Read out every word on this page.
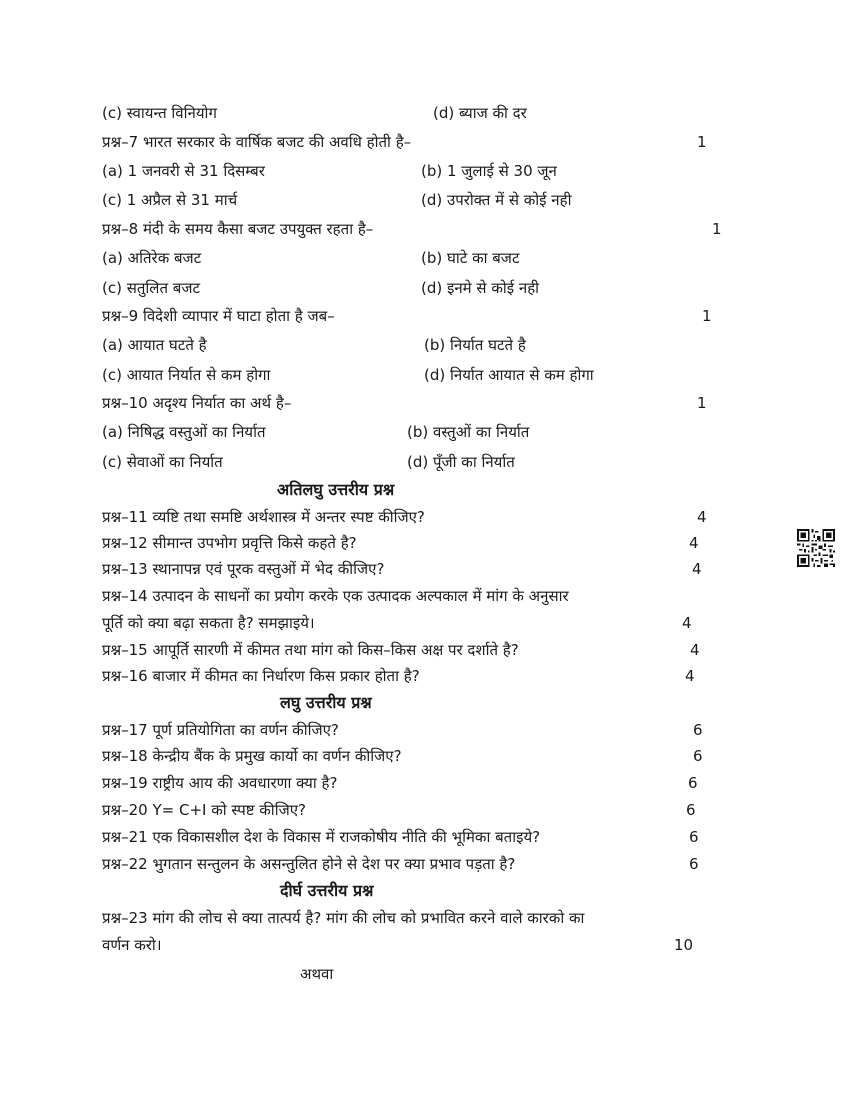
(c) स्वायन्त विनियोग	(d) ब्याज की दर
प्रश्न–7 भारत सरकार के वार्षिक बजट की अवधि होती है–	1
(a) 1 जनवरी से 31 दिसम्बर	(b) 1 जुलाई से 30 जून
(c) 1 अप्रैल से 31 मार्च	(d) उपरोक्त में से कोई नही
प्रश्न–8 मंदी के समय कैसा बजट उपयुक्त रहता है–	1
(a) अतिरेक बजट	(b) घाटे का बजट
(c) सतुलित बजट	(d) इनमे से कोई नही
प्रश्न–9 विदेशी व्यापार में घाटा होता है जब–	1
(a) आयात घटते है	(b) निर्यात घटते है
(c) आयात निर्यात से कम होगा	(d) निर्यात आयात से कम होगा
प्रश्न–10 अदृश्य निर्यात का अर्थ है–	1
(a) निषिद्ध वस्तुओं का निर्यात	(b) वस्तुओं का निर्यात
(c) सेवाओं का निर्यात	(d) पूँजी का निर्यात
अतिलघु उत्तरीय प्रश्न
प्रश्न–11 व्यष्टि तथा समष्टि अर्थशास्त्र में अन्तर स्पष्ट कीजिए?	4
प्रश्न–12 सीमान्त उपभोग प्रवृत्ति किसे कहते है?	4
प्रश्न–13 स्थानापन्न एवं पूरक वस्तुओं में भेद कीजिए?	4
प्रश्न–14 उत्पादन के साधनों का प्रयोग करके एक उत्पादक अल्पकाल में मांग के अनुसार
पूर्ति को क्या बढ़ा सकता है? समझाइये।	4
प्रश्न–15 आपूर्ति सारणी में कीमत तथा मांग को किस–किस अक्ष पर दर्शाते है?	4
प्रश्न–16 बाजार में कीमत का निर्धारण किस प्रकार होता है?	4
लघु उत्तरीय प्रश्न
प्रश्न–17 पूर्ण प्रतियोगिता का वर्णन कीजिए?	6
प्रश्न–18 केन्द्रीय बैंक के प्रमुख कार्यो का वर्णन कीजिए?	6
प्रश्न–19 राष्ट्रीय आय की अवधारणा क्या है?	6
प्रश्न–20 Y= C+I को स्पष्ट कीजिए?	6
प्रश्न–21 एक विकासशील देश के विकास में राजकोषीय नीति की भूमिका बताइये?	6
प्रश्न–22 भुगतान सन्तुलन के असन्तुलित होने से देश पर क्या प्रभाव पड़ता है?	6
दीर्घ उत्तरीय प्रश्न
प्रश्न–23 मांग की लोच से क्या तात्पर्य है? मांग की लोच को प्रभावित करने वाले कारको का
वर्णन करो।	10
अथवा
